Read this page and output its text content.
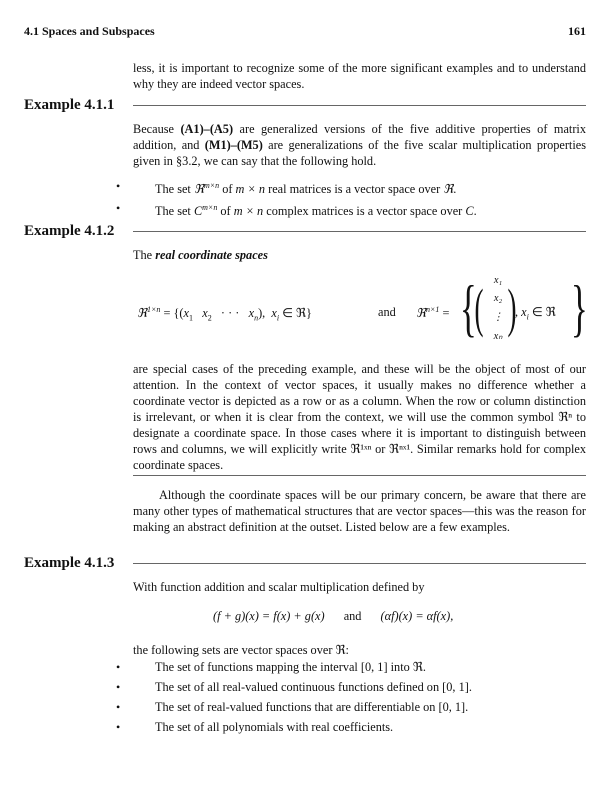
4.1 Spaces and Subspaces	161

less, it is important to recognize some of the more significant examples and to understand why they are indeed vector spaces.

Example 4.1.1

Because (A1)–(A5) are generalized versions of the five additive properties of matrix addition, and (M1)–(M5) are generalizations of the five scalar multiplication properties given in §3.2, we can say that the following hold.

•	The set ℜ$^{m\times n}$ of m × n real matrices is a vector space over ℜ.
•	The set $C^{m\times n}$ of m × n complex matrices is a vector space over C.
Example 4.1.2

The real coordinate spaces

ℜ$^{1\times n}$ = {($x_1$ $x_2$ · · · $x_n$), $x_i$ ∈ ℜ}	and ℜ$^{n\times 1}$ = {
( x₁
x₂
⋮
xₙ )
, $x_i$ ∈ ℜ }

are special cases of the preceding example, and these will be the object of most of our attention. In the context of vector spaces, it usually makes no difference whether a coordinate vector is depicted as a row or as a column. When the row or column distinction is irrelevant, or when it is clear from the context, we will use the common symbol ℜⁿ to designate a coordinate space. In those cases where it is important to distinguish between rows and columns, we will explicitly write ℜ¹ˣⁿ or ℜⁿˣ¹. Similar remarks hold for complex coordinate spaces.

Although the coordinate spaces will be our primary concern, be aware that there are many other types of mathematical structures that are vector spaces—this was the reason for making an abstract definition at the outset. Listed below are a few examples.

Example 4.1.3

With function addition and scalar multiplication defined by

(f + g)(x) = f(x) + g(x) and (αf)(x) = αf(x),

the following sets are vector spaces over ℜ:

•	The set of functions mapping the interval [0, 1] into ℜ.
•	The set of all real-valued continuous functions defined on [0, 1].
•	The set of real-valued functions that are differentiable on [0, 1].
•	The set of all polynomials with real coefficients.
